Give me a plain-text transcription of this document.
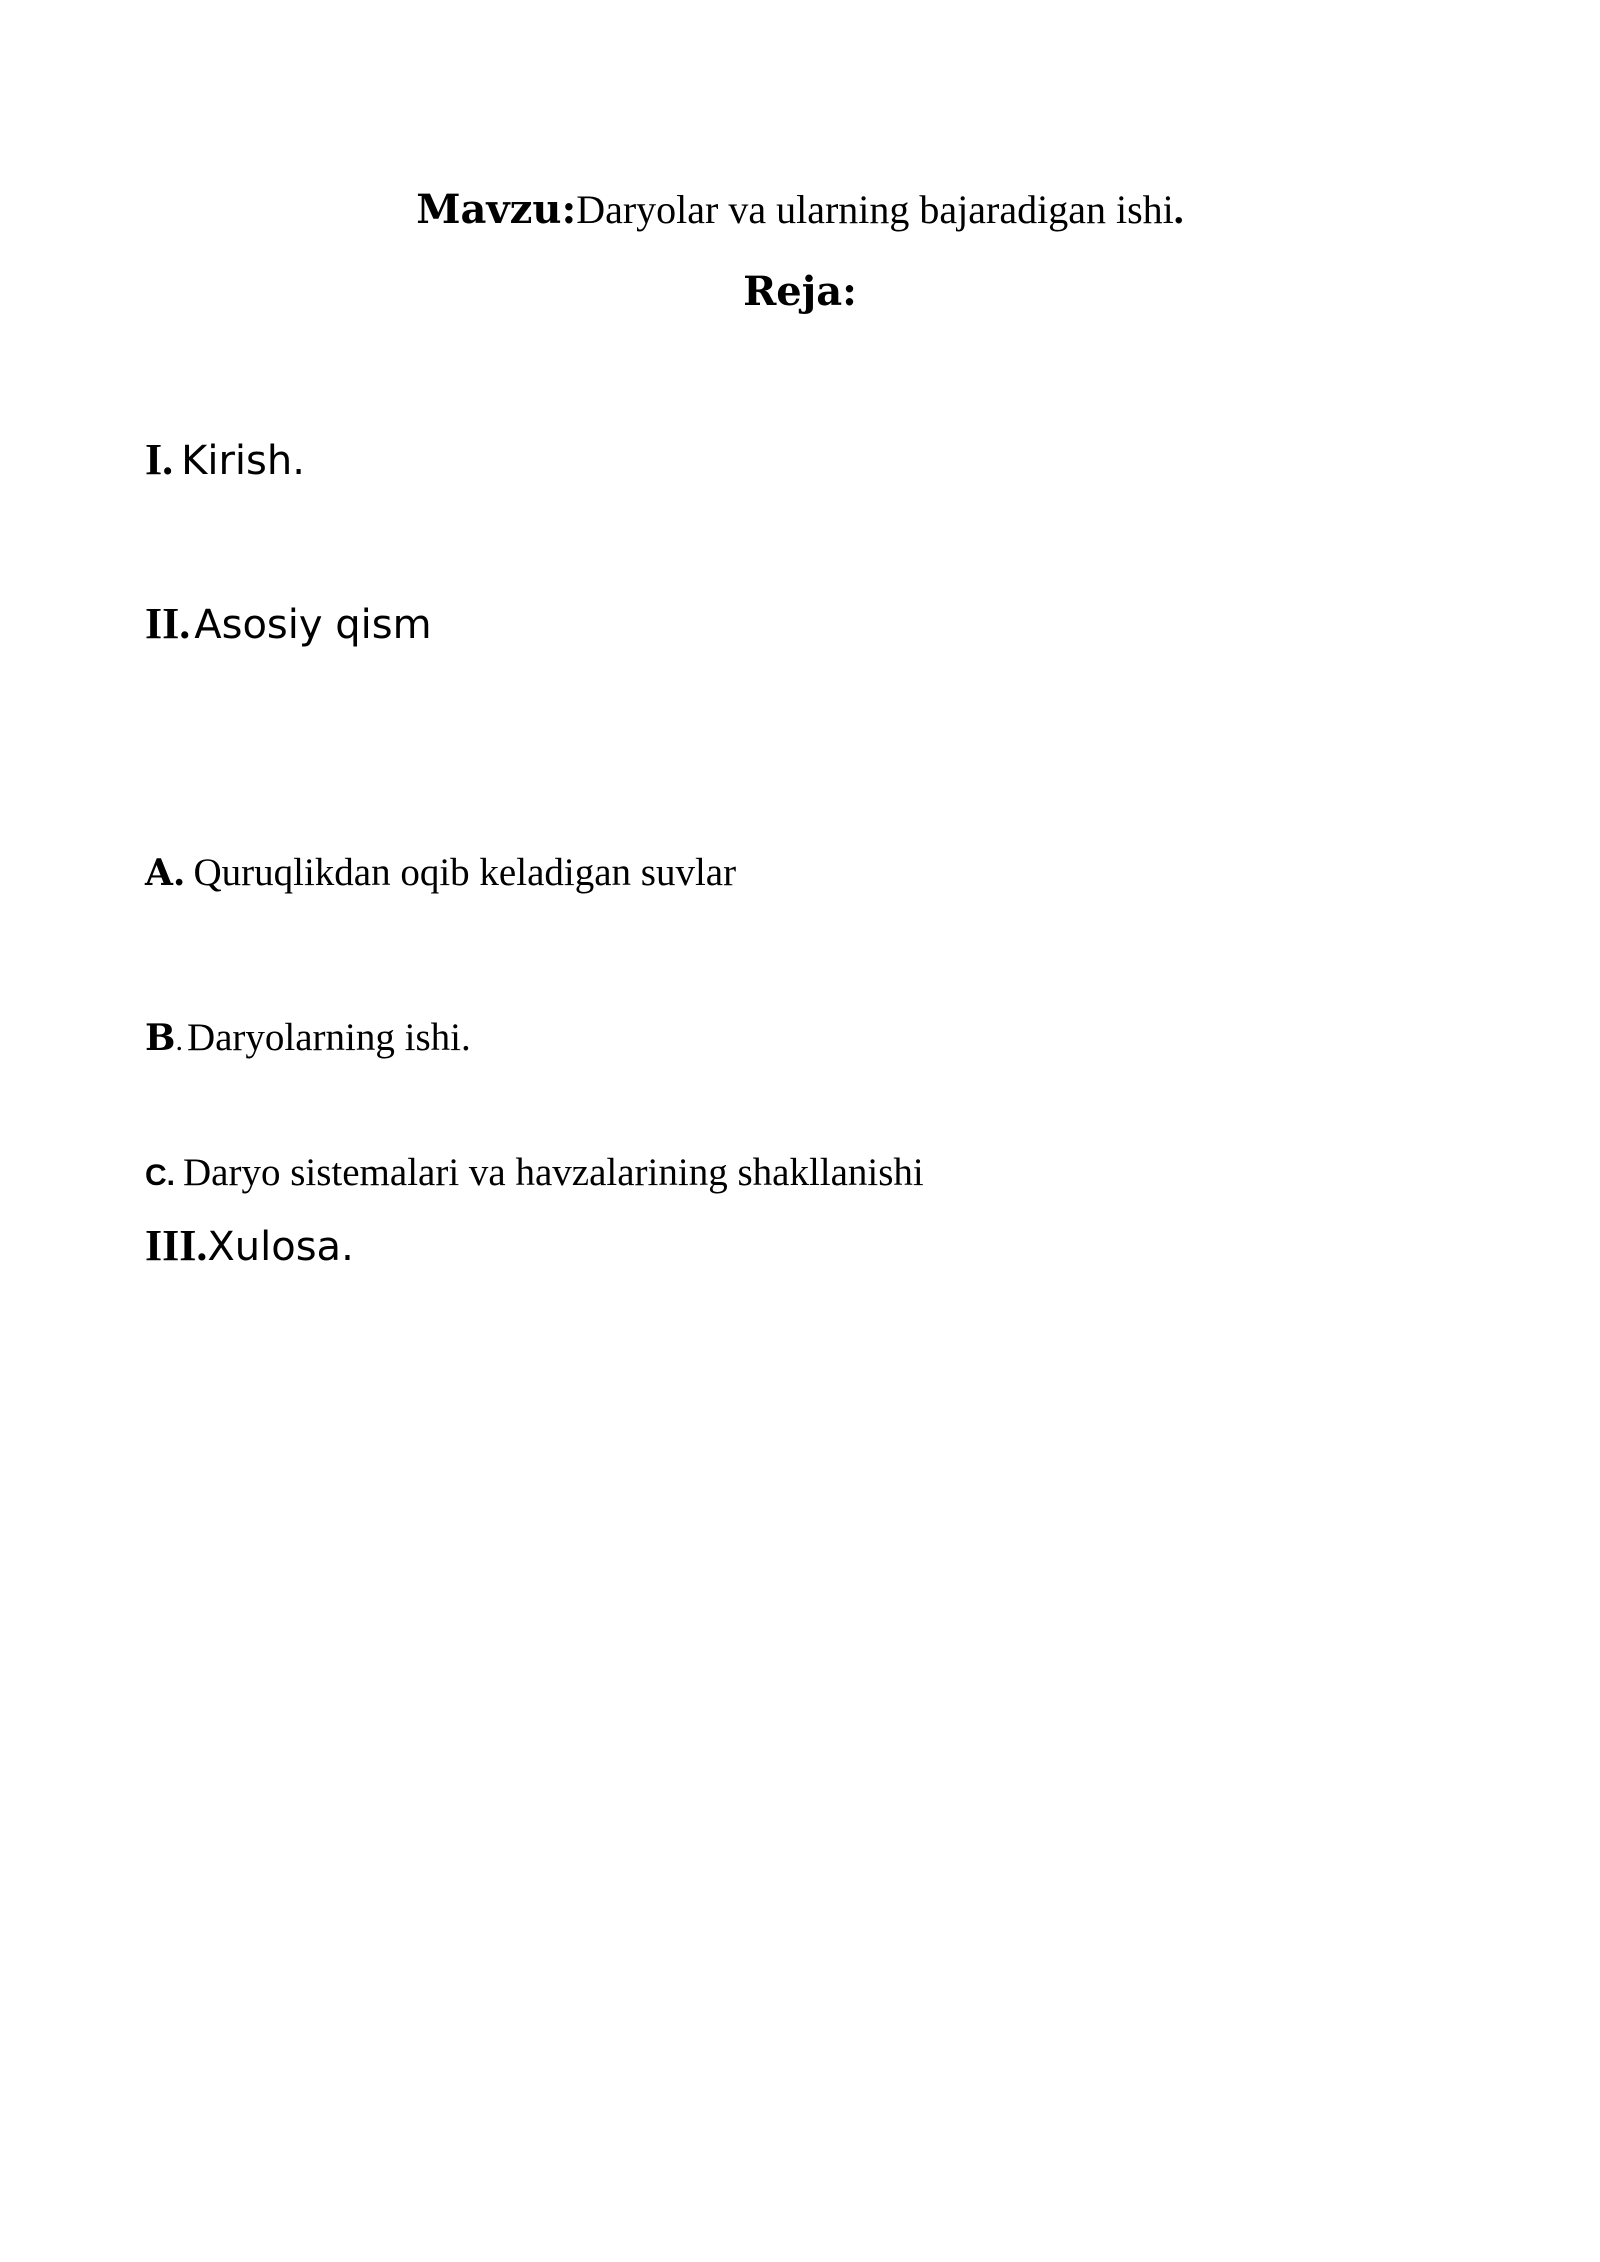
Mavzu:Daryolar va ularning bajaradigan ishi.
Reja:
I. Kirish.
II. Asosiy qism
A. Quruqlikdan oqib keladigan suvlar
B. Daryolarning ishi.
C. Daryo sistemalari va havzalarining shakllanishi
III.Xulosa.
